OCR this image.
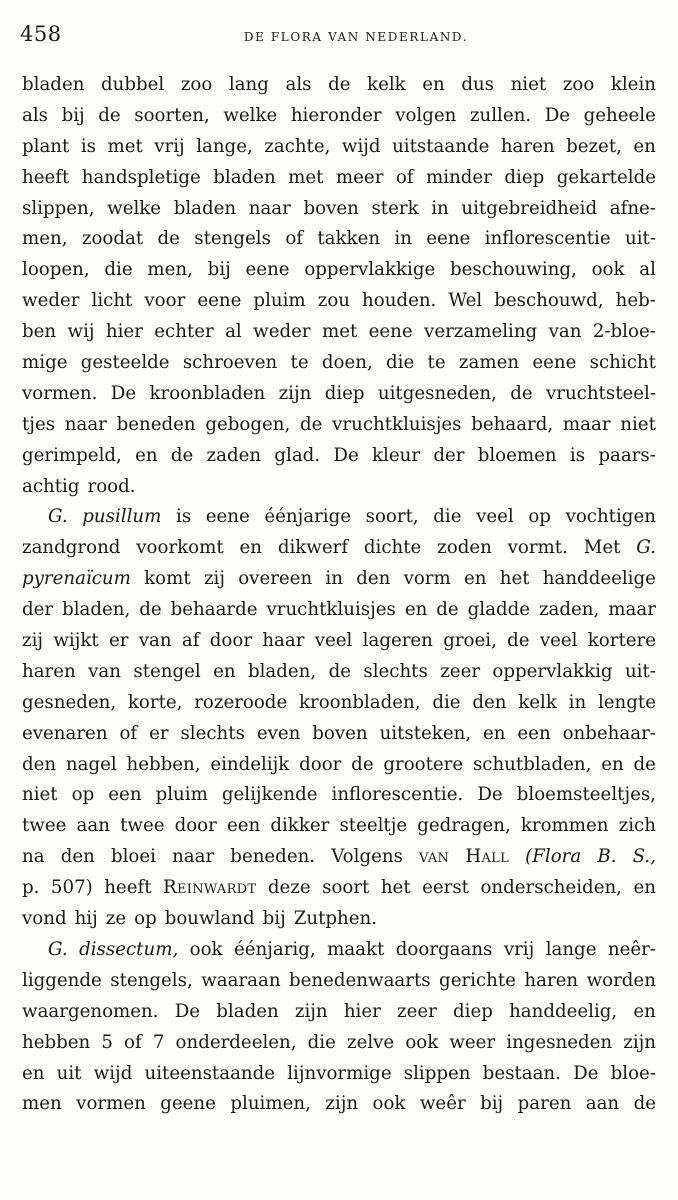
458	DE FLORA VAN NEDERLAND.
bladen dubbel zoo lang als de kelk en dus niet zoo klein
als bij de soorten, welke hieronder volgen zullen. De geheele
plant is met vrij lange, zachte, wijd uitstaande haren bezet, en
heeft handspletige bladen met meer of minder diep gekartelde
slippen, welke bladen naar boven sterk in uitgebreidheid afne-
men, zoodat de stengels of takken in eene inflorescentie uit-
loopen, die men, bij eene oppervlakkige beschouwing, ook al
weder licht voor eene pluim zou houden. Wel beschouwd, heb-
ben wij hier echter al weder met eene verzameling van 2-bloe-
mige gesteelde schroeven te doen, die te zamen eene schicht
vormen. De kroonbladen zijn diep uitgesneden, de vruchtsteel-
tjes naar beneden gebogen, de vruchtkluisjes behaard, maar niet
gerimpeld, en de zaden glad. De kleur der bloemen is paars-
achtig rood.
G. pusillum is eene éénjarige soort, die veel op vochtigen
zandgrond voorkomt en dikwerf dichte zoden vormt. Met G.
pyrenaïcum komt zij overeen in den vorm en het handdeelige
der bladen, de behaarde vruchtkluisjes en de gladde zaden, maar
zij wijkt er van af door haar veel lageren groei, de veel kortere
haren van stengel en bladen, de slechts zeer oppervlakkig uit-
gesneden, korte, rozeroode kroonbladen, die den kelk in lengte
evenaren of er slechts even boven uitsteken, en een onbehaar-
den nagel hebben, eindelijk door de grootere schutbladen, en de
niet op een pluim gelijkende inflorescentie. De bloemsteeltjes,
twee aan twee door een dikker steeltje gedragen, krommen zich
na den bloei naar beneden. Volgens van Hall (Flora B. S.,
p. 507) heeft Reinwardt deze soort het eerst onderscheiden, en
vond hij ze op bouwland bij Zutphen.
G. dissectum, ook éénjarig, maakt doorgaans vrij lange neêr-
liggende stengels, waaraan benedenwaarts gerichte haren worden
waargenomen. De bladen zijn hier zeer diep handdeelig, en
hebben 5 of 7 onderdeelen, die zelve ook weer ingesneden zijn
en uit wijd uiteenstaande lijnvormige slippen bestaan. De bloe-
men vormen geene pluimen, zijn ook weêr bij paren aan de
